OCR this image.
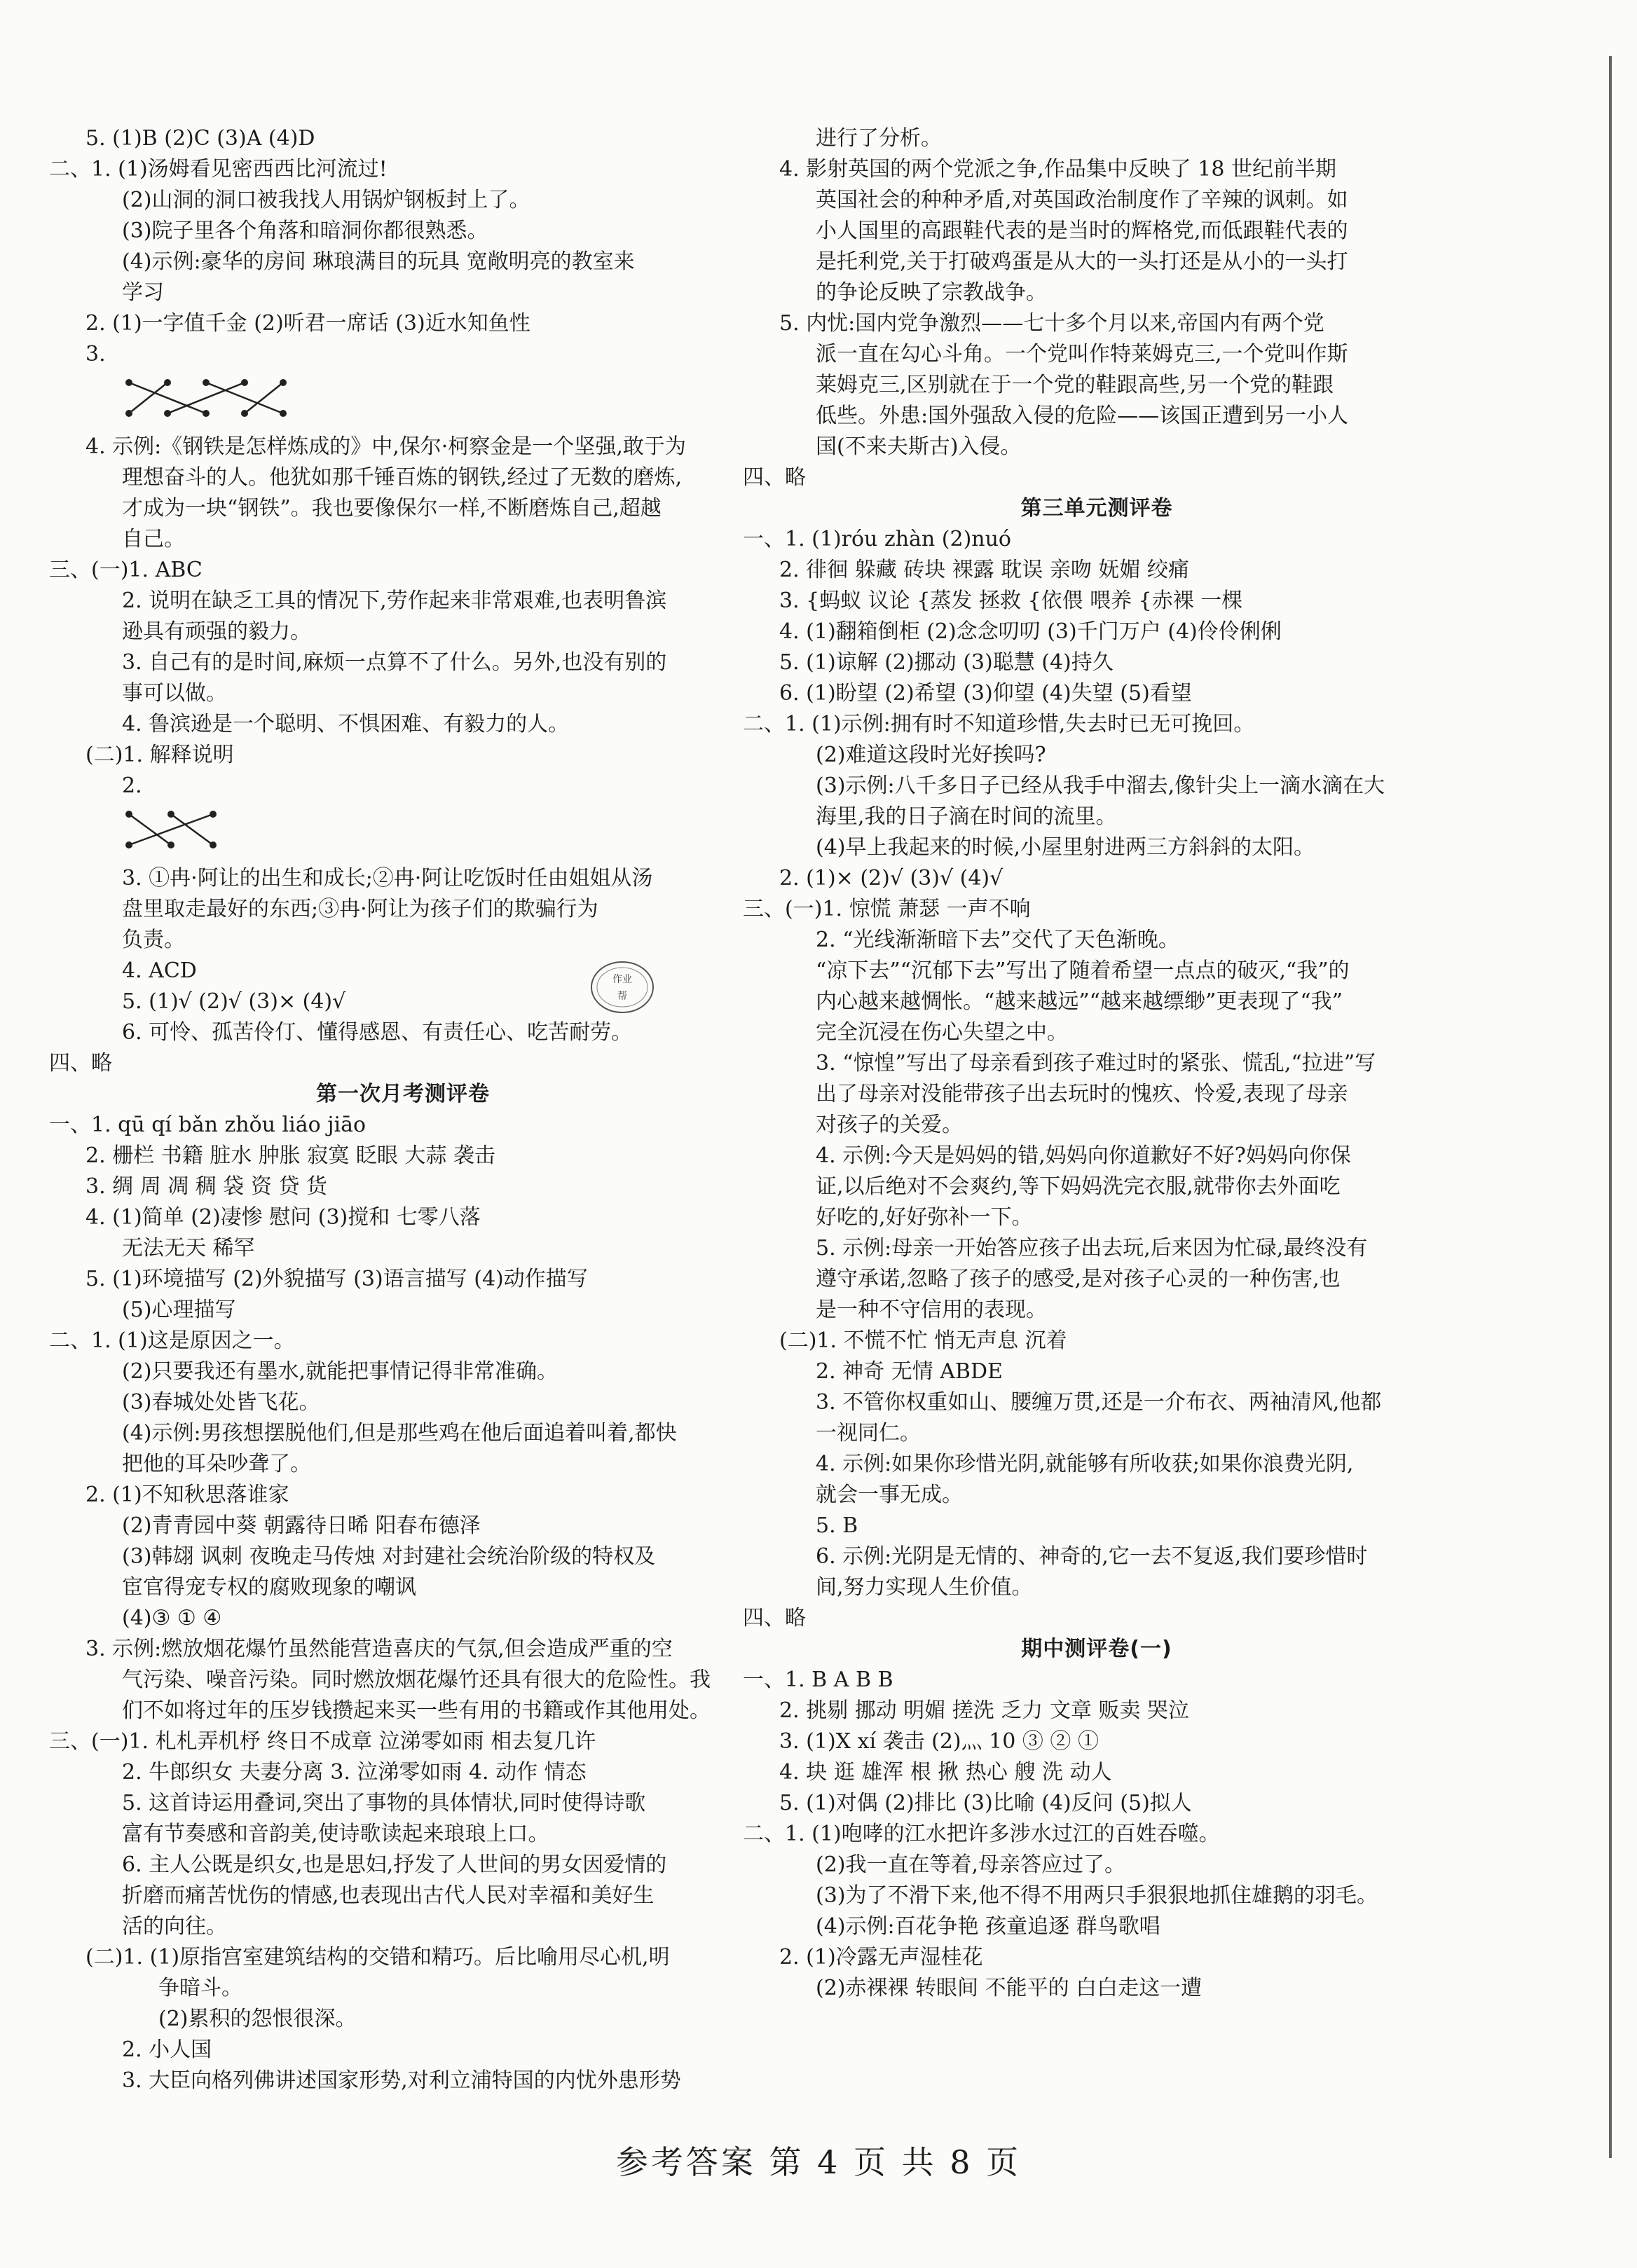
5. (1)B (2)C (3)A (4)D
二、1. (1)汤姆看见密西西比河流过!
(2)山洞的洞口被我找人用锅炉钢板封上了。
(3)院子里各个角落和暗洞你都很熟悉。
(4)示例:豪华的房间 琳琅满目的玩具 宽敞明亮的教室来
学习
2. (1)一字值千金 (2)听君一席话 (3)近水知鱼性
3.
4. 示例:《钢铁是怎样炼成的》中,保尔·柯察金是一个坚强,敢于为
理想奋斗的人。他犹如那千锤百炼的钢铁,经过了无数的磨炼,
才成为一块“钢铁”。我也要像保尔一样,不断磨炼自己,超越
自己。
三、(一)1. ABC
2. 说明在缺乏工具的情况下,劳作起来非常艰难,也表明鲁滨
逊具有顽强的毅力。
3. 自己有的是时间,麻烦一点算不了什么。另外,也没有别的
事可以做。
4. 鲁滨逊是一个聪明、不惧困难、有毅力的人。
(二)1. 解释说明
2.
3. ①冉·阿让的出生和成长;②冉·阿让吃饭时任由姐姐从汤
盘里取走最好的东西;③冉·阿让为孩子们的欺骗行为
负责。
4. ACD
5. (1)√ (2)√ (3)× (4)√
6. 可怜、孤苦伶仃、懂得感恩、有责任心、吃苦耐劳。
四、略
第一次月考测评卷
一、1. qū qí bǎn zhǒu liáo jiāo
2. 栅栏 书籍 脏水 肿胀 寂寞 眨眼 大蒜 袭击
3. 绸 周 凋 稠 袋 资 贷 货
4. (1)简单 (2)凄惨 慰问 (3)搅和 七零八落
无法无天 稀罕
5. (1)环境描写 (2)外貌描写 (3)语言描写 (4)动作描写
(5)心理描写
二、1. (1)这是原因之一。
(2)只要我还有墨水,就能把事情记得非常准确。
(3)春城处处皆飞花。
(4)示例:男孩想摆脱他们,但是那些鸡在他后面追着叫着,都快
把他的耳朵吵聋了。
2. (1)不知秋思落谁家
(2)青青园中葵 朝露待日晞 阳春布德泽
(3)韩翃 讽刺 夜晚走马传烛 对封建社会统治阶级的特权及
宦官得宠专权的腐败现象的嘲讽
(4)③ ① ④
3. 示例:燃放烟花爆竹虽然能营造喜庆的气氛,但会造成严重的空
气污染、噪音污染。同时燃放烟花爆竹还具有很大的危险性。我
们不如将过年的压岁钱攒起来买一些有用的书籍或作其他用处。
三、(一)1. 札札弄机杼 终日不成章 泣涕零如雨 相去复几许
2. 牛郎织女 夫妻分离 3. 泣涕零如雨 4. 动作 情态
5. 这首诗运用叠词,突出了事物的具体情状,同时使得诗歌
富有节奏感和音韵美,使诗歌读起来琅琅上口。
6. 主人公既是织女,也是思妇,抒发了人世间的男女因爱情的
折磨而痛苦忧伤的情感,也表现出古代人民对幸福和美好生
活的向往。
(二)1. (1)原指宫室建筑结构的交错和精巧。后比喻用尽心机,明
争暗斗。
(2)累积的怨恨很深。
2. 小人国
3. 大臣向格列佛讲述国家形势,对利立浦特国的内忧外患形势
进行了分析。
4. 影射英国的两个党派之争,作品集中反映了 18 世纪前半期
英国社会的种种矛盾,对英国政治制度作了辛辣的讽刺。如
小人国里的高跟鞋代表的是当时的辉格党,而低跟鞋代表的
是托利党,关于打破鸡蛋是从大的一头打还是从小的一头打
的争论反映了宗教战争。
5. 内忧:国内党争激烈——七十多个月以来,帝国内有两个党
派一直在勾心斗角。一个党叫作特莱姆克三,一个党叫作斯
莱姆克三,区别就在于一个党的鞋跟高些,另一个党的鞋跟
低些。外患:国外强敌入侵的危险——该国正遭到另一小人
国(不来夫斯古)入侵。
四、略
第三单元测评卷
一、1. (1)róu zhàn (2)nuó
2. 徘徊 躲藏 砖块 裸露 耽误 亲吻 妩媚 绞痛
3. {蚂蚁 议论 {蒸发 拯救 {依偎 喂养 {赤裸 一棵
4. (1)翻箱倒柜 (2)念念叨叨 (3)千门万户 (4)伶伶俐俐
5. (1)谅解 (2)挪动 (3)聪慧 (4)持久
6. (1)盼望 (2)希望 (3)仰望 (4)失望 (5)看望
二、1. (1)示例:拥有时不知道珍惜,失去时已无可挽回。
(2)难道这段时光好挨吗?
(3)示例:八千多日子已经从我手中溜去,像针尖上一滴水滴在大
海里,我的日子滴在时间的流里。
(4)早上我起来的时候,小屋里射进两三方斜斜的太阳。
2. (1)× (2)√ (3)√ (4)√
三、(一)1. 惊慌 萧瑟 一声不响
2. “光线渐渐暗下去”交代了天色渐晚。
“凉下去”“沉郁下去”写出了随着希望一点点的破灭,“我”的
内心越来越惆怅。“越来越远”“越来越缥缈”更表现了“我”
完全沉浸在伤心失望之中。
3. “惊惶”写出了母亲看到孩子难过时的紧张、慌乱,“拉进”写
出了母亲对没能带孩子出去玩时的愧疚、怜爱,表现了母亲
对孩子的关爱。
4. 示例:今天是妈妈的错,妈妈向你道歉好不好?妈妈向你保
证,以后绝对不会爽约,等下妈妈洗完衣服,就带你去外面吃
好吃的,好好弥补一下。
5. 示例:母亲一开始答应孩子出去玩,后来因为忙碌,最终没有
遵守承诺,忽略了孩子的感受,是对孩子心灵的一种伤害,也
是一种不守信用的表现。
(二)1. 不慌不忙 悄无声息 沉着
2. 神奇 无情 ABDE
3. 不管你权重如山、腰缠万贯,还是一介布衣、两袖清风,他都
一视同仁。
4. 示例:如果你珍惜光阴,就能够有所收获;如果你浪费光阴,
就会一事无成。
5. B
6. 示例:光阴是无情的、神奇的,它一去不复返,我们要珍惜时
间,努力实现人生价值。
四、略
期中测评卷(一)
一、1. B A B B
2. 挑剔 挪动 明媚 搓洗 乏力 文章 贩卖 哭泣
3. (1)X xí 袭击 (2)灬 10 ③ ② ①
4. 块 逛 雄浑 根 揪 热心 艘 洗 动人
5. (1)对偶 (2)排比 (3)比喻 (4)反问 (5)拟人
二、1. (1)咆哮的江水把许多涉水过江的百姓吞噬。
(2)我一直在等着,母亲答应过了。
(3)为了不滑下来,他不得不用两只手狠狠地抓住雄鹅的羽毛。
(4)示例:百花争艳 孩童追逐 群鸟歌唱
2. (1)冷露无声湿桂花
(2)赤裸裸 转眼间 不能平的 白白走这一遭
作业
帮
参考答案 第 4 页 共 8 页
